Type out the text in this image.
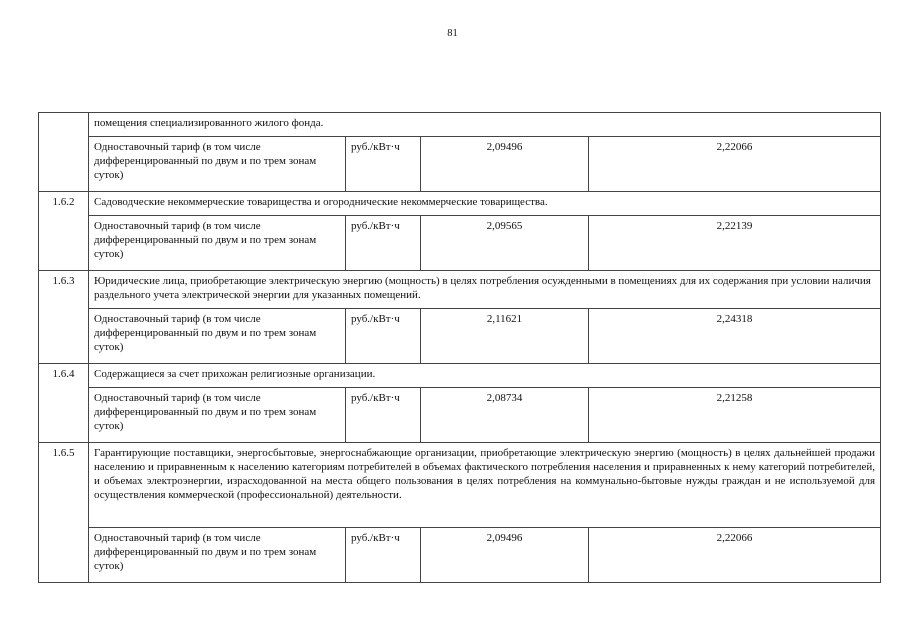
81
	помещения специализированного жилого фонда.			
	Одноставочный тариф (в том числе дифференцированный по двум и по трем зонам суток)	руб./кВт·ч	2,09496	2,22066
1.6.2	Садоводческие некоммерческие товарищества и огороднические некоммерческие товарищества.			
	Одноставочный тариф (в том числе дифференцированный по двум и по трем зонам суток)	руб./кВт·ч	2,09565	2,22139
1.6.3	Юридические лица, приобретающие электрическую энергию (мощность) в целях потребления осужденными в помещениях для их содержания при условии наличия раздельного учета электрической энергии для указанных помещений.			
	Одноставочный тариф (в том числе дифференцированный по двум и по трем зонам суток)	руб./кВт·ч	2,11621	2,24318
1.6.4	Содержащиеся за счет прихожан религиозные организации.			
	Одноставочный тариф (в том числе дифференцированный по двум и по трем зонам суток)	руб./кВт·ч	2,08734	2,21258
1.6.5	Гарантирующие поставщики, энергосбытовые, энергоснабжающие организации, приобретающие электрическую энергию (мощность) в целях дальнейшей продажи населению и приравненным к населению категориям потребителей в объемах фактического потребления населения и приравненных к нему категорий потребителей, и объемах электроэнергии, израсходованной на места общего пользования в целях потребления на коммунально-бытовые нужды граждан и не используемой для осуществления коммерческой (профессиональной) деятельности.			
	Одноставочный тариф (в том числе дифференцированный по двум и по трем зонам суток)	руб./кВт·ч	2,09496	2,22066
